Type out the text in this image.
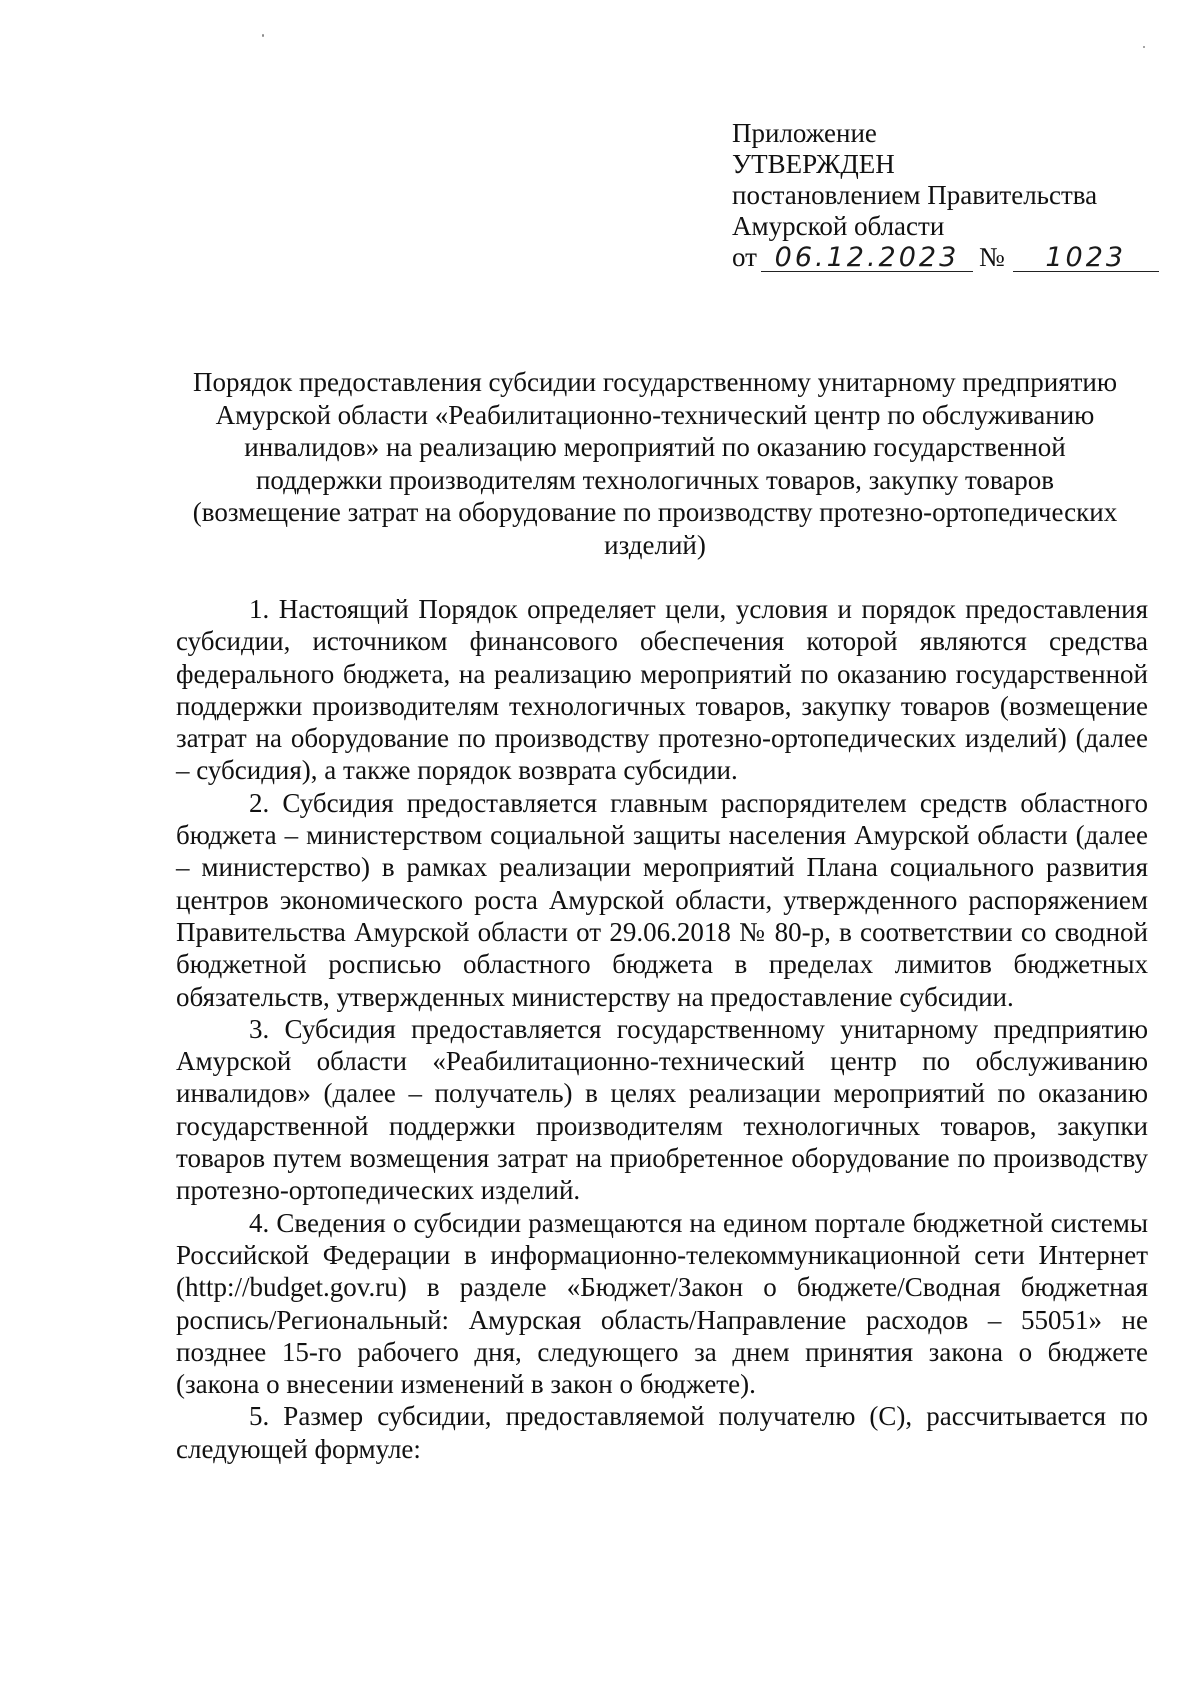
Приложение
УТВЕРЖДЕН
постановлением Правительства
Амурской области
от 06.12.2023 № 1023
Порядок предоставления субсидии государственному унитарному предприятию
Амурской области «Реабилитационно-технический центр по обслуживанию
инвалидов» на реализацию мероприятий по оказанию государственной
поддержки производителям технологичных товаров, закупку товаров
(возмещение затрат на оборудование по производству протезно-ортопедических
изделий)

1. Настоящий Порядок определяет цели, условия и порядок предоставления субсидии, источником финансового обеспечения которой являются средства федерального бюджета, на реализацию мероприятий по оказанию государственной поддержки производителям технологичных товаров, закупку товаров (возмещение затрат на оборудование по производству протезно-ортопедических изделий) (далее – субсидия), а также порядок возврата субсидии.

2. Субсидия предоставляется главным распорядителем средств областного бюджета – министерством социальной защиты населения Амурской области (далее – министерство) в рамках реализации мероприятий Плана социального развития центров экономического роста Амурской области, утвержденного распоряжением Правительства Амурской области от 29.06.2018 № 80-р, в соответствии со сводной бюджетной росписью областного бюджета в пределах лимитов бюджетных обязательств, утвержденных министерству на предоставление субсидии.

3. Субсидия предоставляется государственному унитарному предприятию Амурской области «Реабилитационно-технический центр по обслуживанию инвалидов» (далее – получатель) в целях реализации мероприятий по оказанию государственной поддержки производителям технологичных товаров, закупки товаров путем возмещения затрат на приобретенное оборудование по производству протезно-ортопедических изделий.

4. Сведения о субсидии размещаются на едином портале бюджетной системы Российской Федерации в информационно-телекоммуникационной сети Интернет (http://budget.gov.ru) в разделе «Бюджет/Закон о бюджете/Сводная бюджетная роспись/Региональный: Амурская область/Направление расходов – 55051» не позднее 15-го рабочего дня, следующего за днем принятия закона о бюджете (закона о внесении изменений в закон о бюджете).

5. Размер субсидии, предоставляемой получателю (С), рассчитывается по следующей формуле:
